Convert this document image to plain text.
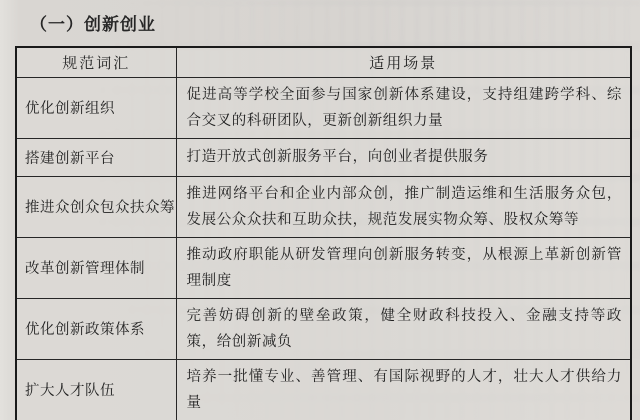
（一）创新创业
规范词汇	适用场景
优化创新组织	促进高等学校全面参与国家创新体系建设，支持组建跨学科、综合交叉的科研团队，更新创新组织力量
搭建创新平台	打造开放式创新服务平台，向创业者提供服务
推进众创众包众扶众筹	推进网络平台和企业内部众创，推广制造运维和生活服务众包，发展公众众扶和互助众扶，规范发展实物众筹、股权众筹等
改革创新管理体制	推动政府职能从研发管理向创新服务转变，从根源上革新创新管理制度
优化创新政策体系	完善妨碍创新的壁垒政策，健全财政科技投入、金融支持等政策，给创新减负
扩大人才队伍	培养一批懂专业、善管理、有国际视野的人才，壮大人才供给力量
